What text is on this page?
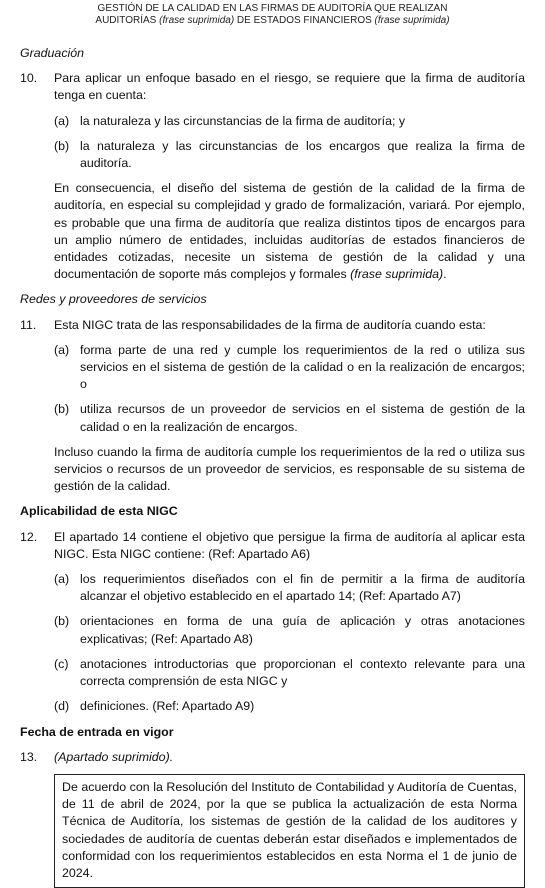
GESTIÓN DE LA CALIDAD EN LAS FIRMAS DE AUDITORÍA QUE REALIZAN
AUDITORÍAS (frase suprimida) DE ESTADOS FINANCIEROS (frase suprimida)
Graduación
10.	Para aplicar un enfoque basado en el riesgo, se requiere que la firma de auditoría tenga en cuenta:
(a) la naturaleza y las circunstancias de la firma de auditoría; y
(b) la naturaleza y las circunstancias de los encargos que realiza la firma de auditoría.
En consecuencia, el diseño del sistema de gestión de la calidad de la firma de auditoría, en especial su complejidad y grado de formalización, variará. Por ejemplo, es probable que una firma de auditoría que realiza distintos tipos de encargos para un amplio número de entidades, incluidas auditorías de estados financieros de entidades cotizadas, necesite un sistema de gestión de la calidad y una documentación de soporte más complejos y formales (frase suprimida).
Redes y proveedores de servicios
11.	Esta NIGC trata de las responsabilidades de la firma de auditoría cuando esta:
(a) forma parte de una red y cumple los requerimientos de la red o utiliza sus servicios en el sistema de gestión de la calidad o en la realización de encargos; o
(b) utiliza recursos de un proveedor de servicios en el sistema de gestión de la calidad o en la realización de encargos.
Incluso cuando la firma de auditoría cumple los requerimientos de la red o utiliza sus servicios o recursos de un proveedor de servicios, es responsable de su sistema de gestión de la calidad.
Aplicabilidad de esta NIGC
12.	El apartado 14 contiene el objetivo que persigue la firma de auditoría al aplicar esta NIGC. Esta NIGC contiene: (Ref: Apartado A6)
(a) los requerimientos diseñados con el fin de permitir a la firma de auditoría alcanzar el objetivo establecido en el apartado 14; (Ref: Apartado A7)
(b) orientaciones en forma de una guía de aplicación y otras anotaciones explicativas; (Ref: Apartado A8)
(c) anotaciones introductorias que proporcionan el contexto relevante para una correcta comprensión de esta NIGC y
(d) definiciones. (Ref: Apartado A9)
Fecha de entrada en vigor
13.	(Apartado suprimido).
De acuerdo con la Resolución del Instituto de Contabilidad y Auditoría de Cuentas, de 11 de abril de 2024, por la que se publica la actualización de esta Norma Técnica de Auditoría, los sistemas de gestión de la calidad de los auditores y sociedades de auditoría de cuentas deberán estar diseñados e implementados de conformidad con los requerimientos establecidos en esta Norma el 1 de junio de 2024.
